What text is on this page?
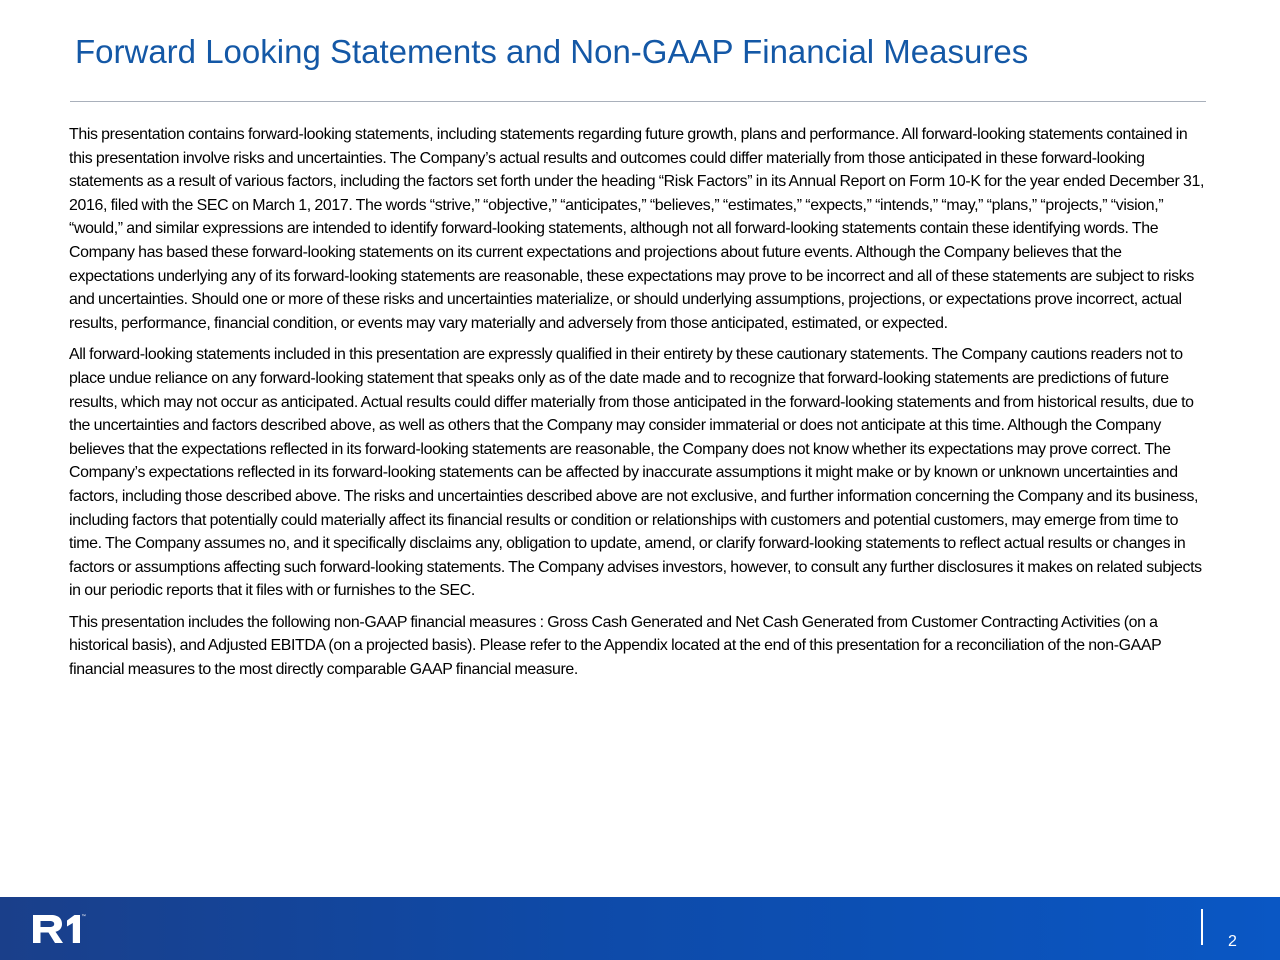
Forward Looking Statements and Non-GAAP Financial Measures

This presentation contains forward-looking statements, including statements regarding future growth, plans and performance. All forward-looking statements contained in this presentation involve risks and uncertainties. The Company’s actual results and outcomes could differ materially from those anticipated in these forward-looking statements as a result of various factors, including the factors set forth under the heading “Risk Factors” in its Annual Report on Form 10-K for the year ended December 31, 2016, filed with the SEC on March 1, 2017. The words “strive,” “objective,” “anticipates,” “believes,” “estimates,” “expects,” “intends,” “may,” “plans,” “projects,” “vision,” “would,” and similar expressions are intended to identify forward-looking statements, although not all forward-looking statements contain these identifying words. The Company has based these forward-looking statements on its current expectations and projections about future events. Although the Company believes that the expectations underlying any of its forward-looking statements are reasonable, these expectations may prove to be incorrect and all of these statements are subject to risks and uncertainties. Should one or more of these risks and uncertainties materialize, or should underlying assumptions, projections, or expectations prove incorrect, actual results, performance, financial condition, or events may vary materially and adversely from those anticipated, estimated, or expected.

All forward-looking statements included in this presentation are expressly qualified in their entirety by these cautionary statements. The Company cautions readers not to place undue reliance on any forward-looking statement that speaks only as of the date made and to recognize that forward-looking statements are predictions of future results, which may not occur as anticipated. Actual results could differ materially from those anticipated in the forward-looking statements and from historical results, due to the uncertainties and factors described above, as well as others that the Company may consider immaterial or does not anticipate at this time. Although the Company believes that the expectations reflected in its forward-looking statements are reasonable, the Company does not know whether its expectations may prove correct. The Company’s expectations reflected in its forward-looking statements can be affected by inaccurate assumptions it might make or by known or unknown uncertainties and factors, including those described above. The risks and uncertainties described above are not exclusive, and further information concerning the Company and its business, including factors that potentially could materially affect its financial results or condition or relationships with customers and potential customers, may emerge from time to time. The Company assumes no, and it specifically disclaims any, obligation to update, amend, or clarify forward-looking statements to reflect actual results or changes in factors or assumptions affecting such forward-looking statements. The Company advises investors, however, to consult any further disclosures it makes on related subjects in our periodic reports that it files with or furnishes to the SEC.

This presentation includes the following non-GAAP financial measures : Gross Cash Generated and Net Cash Generated from Customer Contracting Activities (on a historical basis), and Adjusted EBITDA (on a projected basis). Please refer to the Appendix located at the end of this presentation for a reconciliation of the non-GAAP financial measures to the most directly comparable GAAP financial measure.

™

2
